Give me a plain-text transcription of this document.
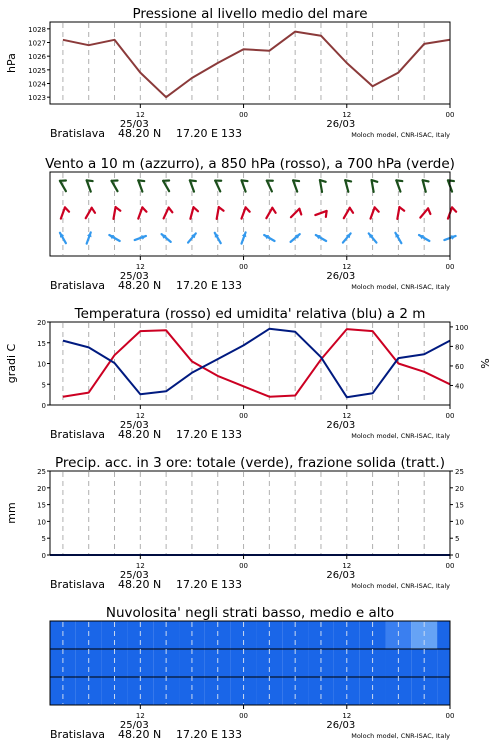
Pressione al livello medio del mare
1023
1024
1025
1026
1027
1028
hPa
12
25/03
00	12
26/03
00
Bratislava 48.20 N 17.20 E 133	Moloch model, CNR-ISAC, Italy
Vento a 10 m (azzurro), a 850 hPa (rosso), a 700 hPa (verde)
12
25/03
00	12
26/03
00
Bratislava 48.20 N 17.20 E 133	Moloch model, CNR-ISAC, Italy
Temperatura (rosso) ed umidita' relativa (blu) a 2 m
0
5
10
15
20
40
60
80
100
gradi C	%
12
25/03
00	12
26/03
00
Bratislava 48.20 N 17.20 E 133	Moloch model, CNR-ISAC, Italy
Precip. acc. in 3 ore: totale (verde), frazione solida (tratt.)
0
5
10
15
20
25
0
5
10
15
20
25
mm
12
25/03
00	12
26/03
00
Bratislava 48.20 N 17.20 E 133	Moloch model, CNR-ISAC, Italy
Nuvolosita' negli strati basso, medio e alto
12
25/03
00	12
26/03
00
Bratislava 48.20 N 17.20 E 133	Moloch model, CNR-ISAC, Italy
